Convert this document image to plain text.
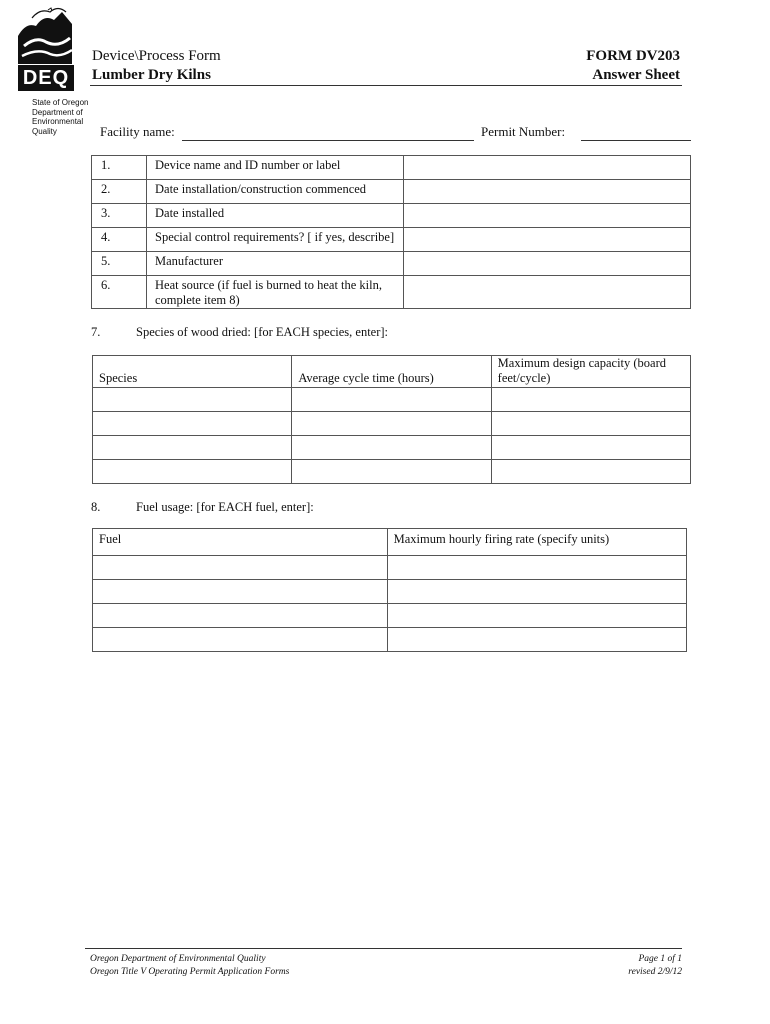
DEQ
State of Oregon
Department of
Environmental
Quality
Device\Process Form
Lumber Dry Kilns
FORM DV203
Answer Sheet
Facility name:	Permit Number:
1.	Device name and ID number or label	
2.	Date installation/construction commenced	
3.	Date installed	
4.	Special control requirements? [ if yes, describe]	
5.	Manufacturer	
6.	Heat source (if fuel is burned to heat the kiln, complete item 8)	
7.	Species of wood dried: [for EACH species, enter]:
Species	Average cycle time (hours)	Maximum design capacity (board feet/cycle)

8.	Fuel usage: [for EACH fuel, enter]:
Fuel	Maximum hourly firing rate (specify units)

Oregon Department of Environmental Quality
Oregon Title V Operating Permit Application Forms
Page 1 of 1
revised 2/9/12
